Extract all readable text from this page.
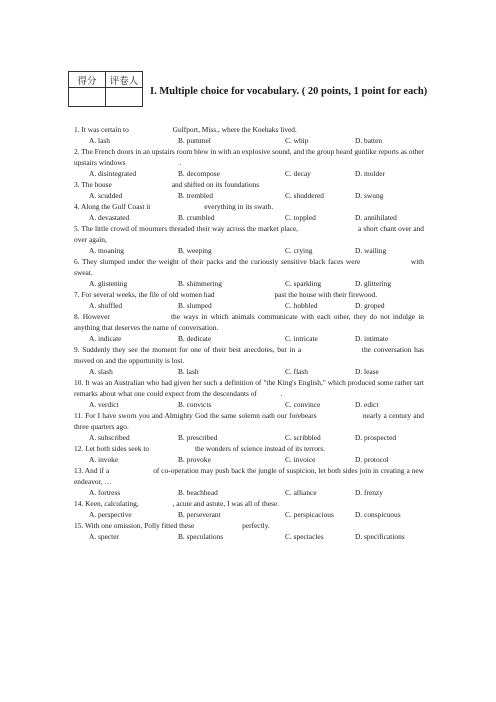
得分	评卷人

I. Multiple choice for vocabulary. ( 20 points, 1 point for each)
1. It was certain to	Gulfport, Miss., where the Koehaks lived.
A. lash	B. pummel	C. whip	D. batten
2. The French doors in an upstairs room blew in with an explosive sound, and the group heard gunlike reports as other upstairs windows	.
A. disintegrated	B. decompose	C. decay	D. molder
3. The house	and shifted on its foundations
A. scudded	B. trembled	C. shuddered	D. swung
4. Along the Gulf Coast it	everything in its swath.
A. devastated	B. crumbled	C. toppled	D. annihilated
5. The little crowd of mourners threaded their way across the market place,	a short chant over and over again,
A. moaning	B. weeping	C. crying	D. wailing
6. They slumped under the weight of their packs and the curiously sensitive black faces were	with sweat.
A. glistening	B. shimmering	C. sparkling	D. glittering
7. For several weeks, the file of old women had	past the house with their firewood.
A. shuffled	B. slumped	C. hobbled	D. groped
8. However	the ways in which animals communicate with each other, they do not indulge in anything that deserves the name of conversation.
A. indicate	B. dedicate	C. intricate	D. intimate
9. Suddenly they see the moment for one of their best anecdotes, but in a	the conversation has moved on and the opportunity is lost.
A. slash	B. lash	C. flash	D. lease
10. It was an Australian who had given her such a definition of "the King's English," which produced some rather tart remarks about what one could expect from the descendants of	.
A. verdict	B. convicts	C. convince	D. edict
11. For I have sworn you and Almighty God the same solemn oath our forebears	nearly a century and three quarters ago.
A. subscribed	B. prescribed	C. scribbled	D. prospected
12. Let both sides seek to	the wonders of science instead of its terrors.
A. invoke	B. provoke	C. invoice	D. protocol
13. And if a	of co-operation may push back the jungle of suspicion, let both sides join in creating a new endeavor, …
A. fortress	B. beachhead	C. alliance	D. frenzy
14. Keen, calculating,	, acute and astute, I was all of these.
A. perspective	B. perseverant	C. perspicacious	D. conspicuous
15. With one omission, Polly fitted these	perfectly.
A. specter	B. speculations	C. spectacles	D. specifications
